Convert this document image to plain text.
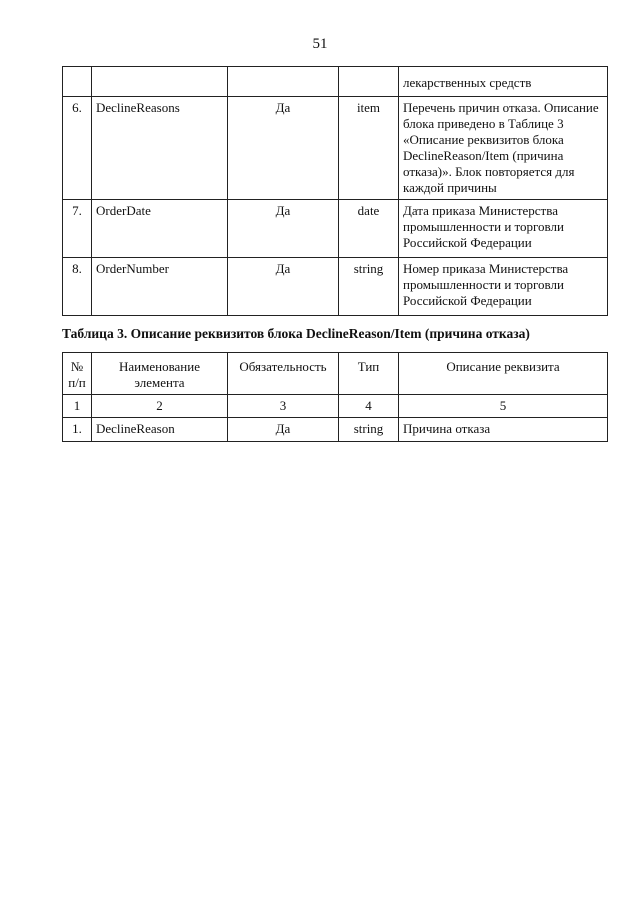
51
				лекарственных средств
6.	DeclineReasons	Да	item	Перечень причин отказа. Описание блока приведено в Таблице 3 «Описание реквизитов блока DeclineReason/Item (причина отказа)». Блок повторяется для каждой причины
7.	OrderDate	Да	date	Дата приказа Министерства промышленности и торговли Российской Федерации
8.	OrderNumber	Да	string	Номер приказа Министерства промышленности и торговли Российской Федерации
Таблица 3. Описание реквизитов блока DeclineReason/Item (причина отказа)
№ п/п	Наименование элемента	Обязательность	Тип	Описание реквизита
1	2	3	4	5
1.	DeclineReason	Да	string	Причина отказа
